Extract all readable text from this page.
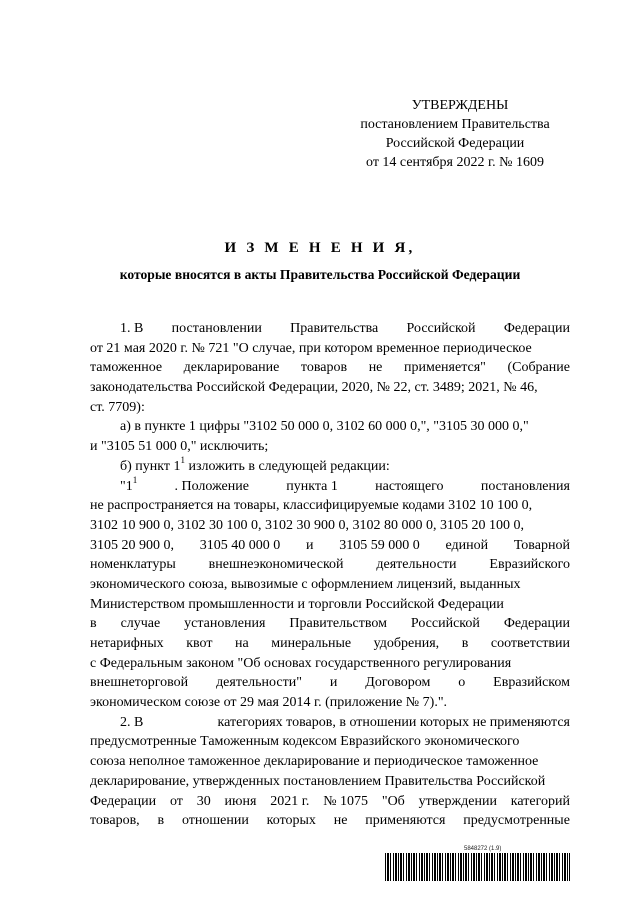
УТВЕРЖДЕНЫ
постановлением Правительства
Российской Федерации
от 14 сентября 2022 г. № 1609
И З М Е Н Е Н И Я,
которые вносятся в акты Правительства Российской Федерации
1. В постановлении Правительства Российской Федерации
от 21 мая 2020 г. № 721 "О случае, при котором временное периодическое
таможенное декларирование товаров не применяется" (Собрание
законодательства Российской Федерации, 2020, № 22, ст. 3489; 2021, № 46,
ст. 7709):
а) в пункте 1 цифры "3102 50 000 0, 3102 60 000 0,", "3105 30 000 0,"
и "3105 51 000 0," исключить;
б) пункт $1^1$ изложить в следующей редакции:
"$1^1$	. Положение	пункта 1	настоящего	постановления
не распространяется на товары, классифицируемые кодами 3102 10 100 0,
3102 10 900 0, 3102 30 100 0, 3102 30 900 0, 3102 80 000 0, 3105 20 100 0,
3105 20 900 0, 3105 40 000 0 и 3105 59 000 0 единой Товарной
номенклатуры внешнеэкономической деятельности Евразийского
экономического союза, вывозимые с оформлением лицензий, выданных
Министерством промышленности и торговли Российской Федерации
в случае установления Правительством Российской Федерации
нетарифных квот на минеральные удобрения, в соответствии
с Федеральным законом "Об основах государственного регулирования
внешнеторговой деятельности" и Договором о Евразийском
экономическом союзе от 29 мая 2014 г. (приложение № 7).".
2. В	категориях товаров, в отношении которых не применяются
предусмотренные Таможенным кодексом Евразийского экономического
союза неполное таможенное декларирование и периодическое таможенное
декларирование, утвержденных постановлением Правительства Российской
Федерации от 30 июня 2021 г. № 1075 "Об утверждении категорий
товаров, в отношении которых не применяются предусмотренные
5848272 (1.9)
